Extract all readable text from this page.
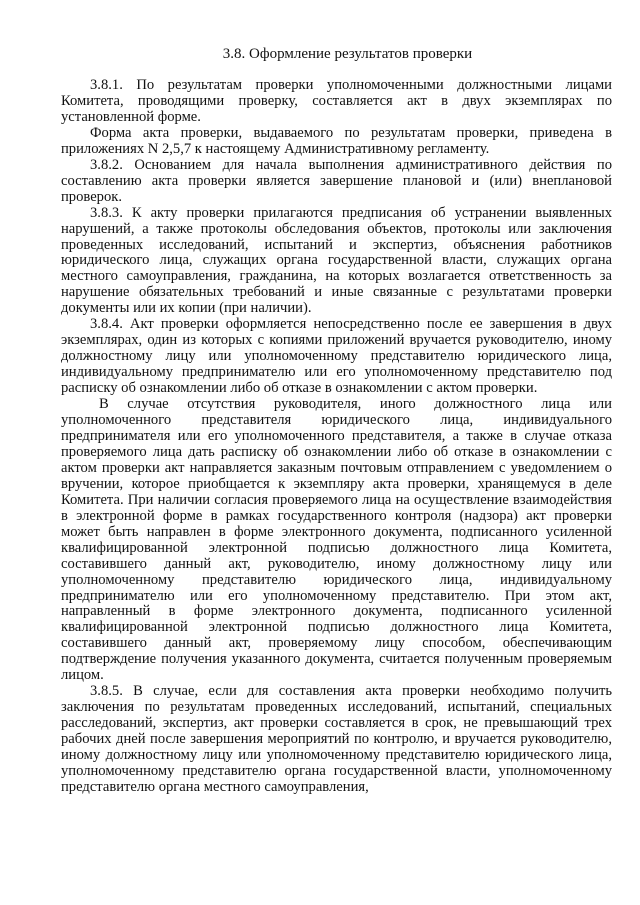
3.8. Оформление результатов проверки

3.8.1. По результатам проверки уполномоченными должностными лицами Комитета, проводящими проверку, составляется акт в двух экземплярах по установленной форме.

Форма акта проверки, выдаваемого по результатам проверки, приведена в приложениях N 2,5,7 к настоящему Административному регламенту.

3.8.2. Основанием для начала выполнения административного действия по составлению акта проверки является завершение плановой и (или) внеплановой проверок.

3.8.3. К акту проверки прилагаются предписания об устранении выявленных нарушений, а также протоколы обследования объектов, протоколы или заключения проведенных исследований, испытаний и экспертиз, объяснения работников юридического лица, служащих органа государственной власти, служащих органа местного самоуправления, гражданина, на которых возлагается ответственность за нарушение обязательных требований и иные связанные с результатами проверки документы или их копии (при наличии).

3.8.4. Акт проверки оформляется непосредственно после ее завершения в двух экземплярах, один из которых с копиями приложений вручается руководителю, иному должностному лицу или уполномоченному представителю юридического лица, индивидуальному предпринимателю или его уполномоченному представителю под расписку об ознакомлении либо об отказе в ознакомлении с актом проверки.

В случае отсутствия руководителя, иного должностного лица или уполномоченного представителя юридического лица, индивидуального предпринимателя или его уполномоченного представителя, а также в случае отказа проверяемого лица дать расписку об ознакомлении либо об отказе в ознакомлении с актом проверки акт направляется заказным почтовым отправлением с уведомлением о вручении, которое приобщается к экземпляру акта проверки, хранящемуся в деле Комитета. При наличии согласия проверяемого лица на осуществление взаимодействия в электронной форме в рамках государственного контроля (надзора) акт проверки может быть направлен в форме электронного документа, подписанного усиленной квалифицированной электронной подписью должностного лица Комитета, составившего данный акт, руководителю, иному должностному лицу или уполномоченному представителю юридического лица, индивидуальному предпринимателю или его уполномоченному представителю. При этом акт, направленный в форме электронного документа, подписанного усиленной квалифицированной электронной подписью должностного лица Комитета, составившего данный акт, проверяемому лицу способом, обеспечивающим подтверждение получения указанного документа, считается полученным проверяемым лицом.

3.8.5. В случае, если для составления акта проверки необходимо получить заключения по результатам проведенных исследований, испытаний, специальных расследований, экспертиз, акт проверки составляется в срок, не превышающий трех рабочих дней после завершения мероприятий по контролю, и вручается руководителю, иному должностному лицу или уполномоченному представителю юридического лица, уполномоченному представителю органа государственной власти, уполномоченному представителю органа местного самоуправления,
